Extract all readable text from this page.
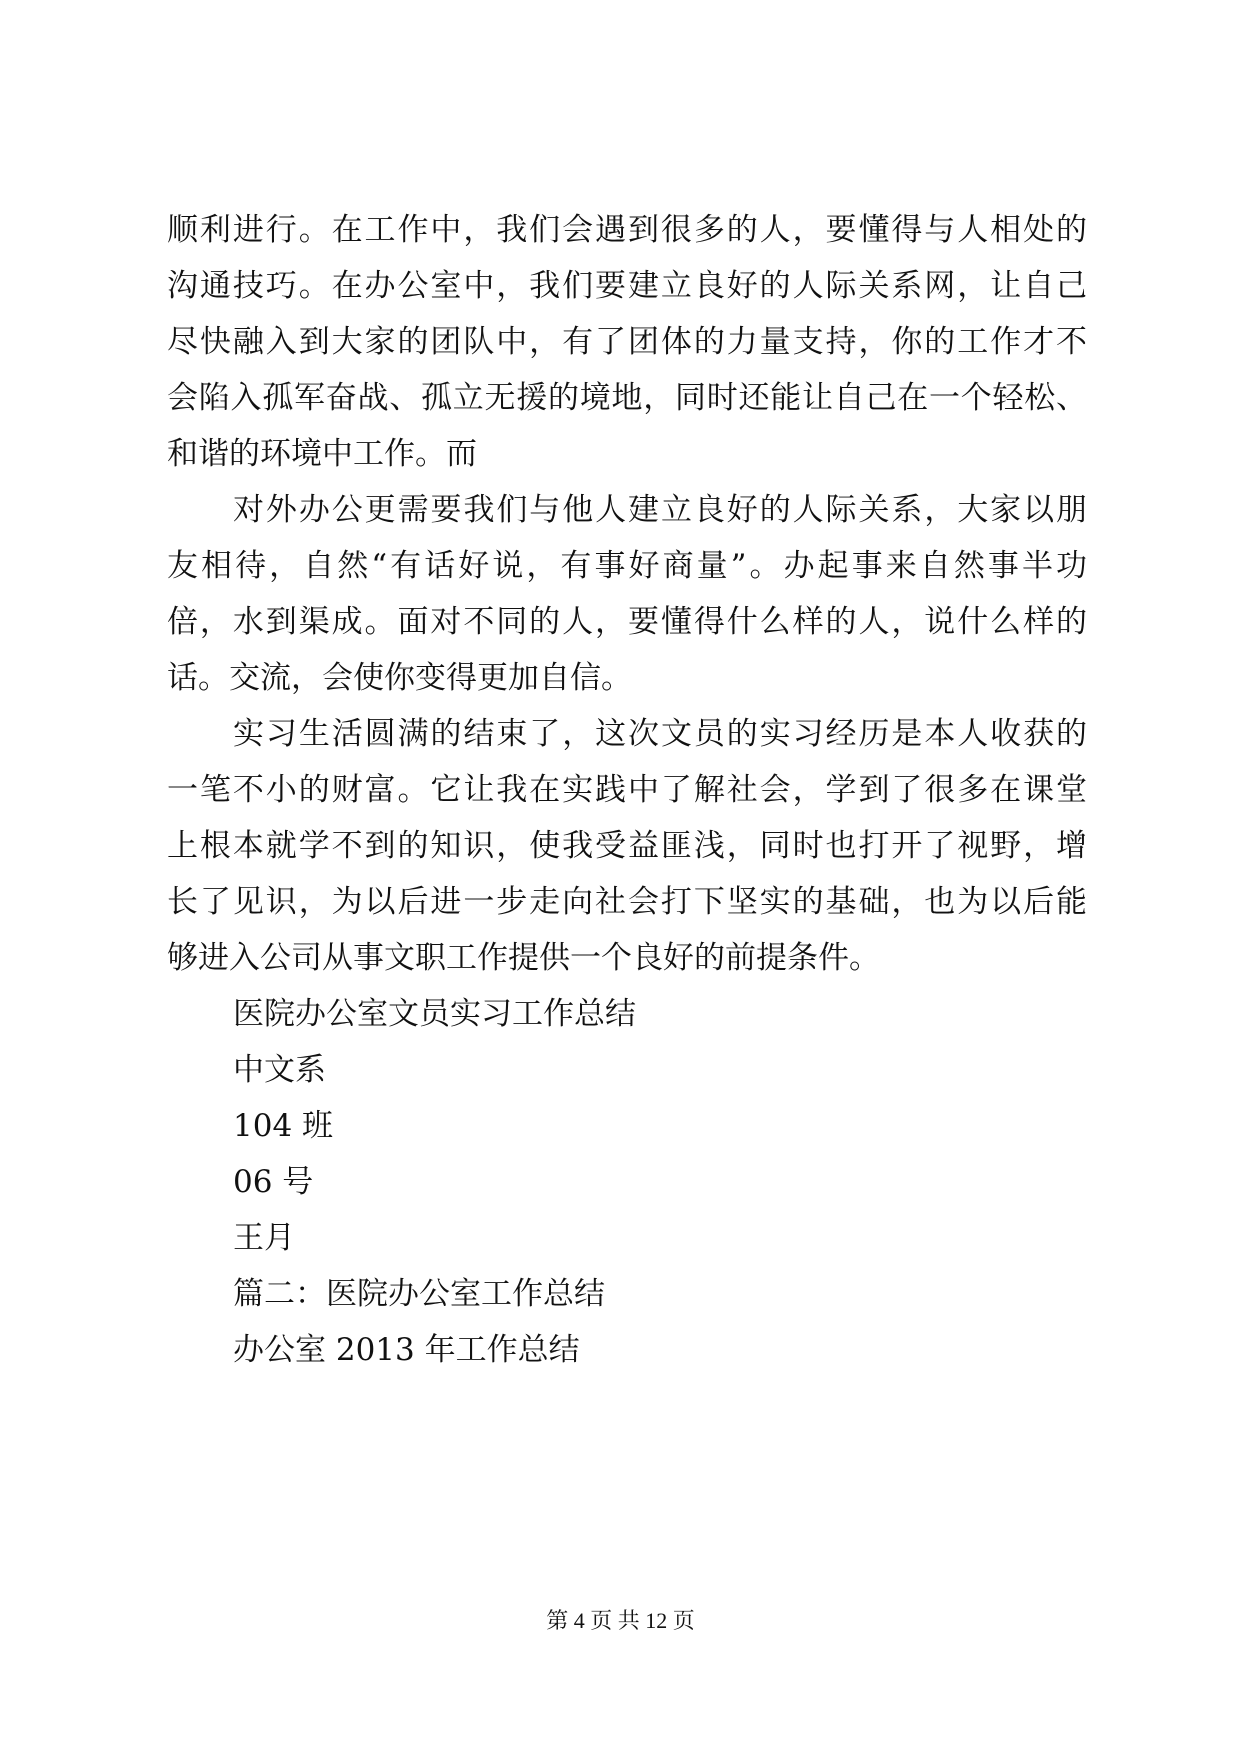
顺利进行。在工作中，我们会遇到很多的人，要懂得与人相处的
沟通技巧。在办公室中，我们要建立良好的人际关系网，让自己
尽快融入到大家的团队中，有了团体的力量支持，你的工作才不
会陷入孤军奋战、孤立无援的境地，同时还能让自己在一个轻松、
和谐的环境中工作。而
对外办公更需要我们与他人建立良好的人际关系，大家以朋
友相待，自然“有话好说，有事好商量”。办起事来自然事半功
倍，水到渠成。面对不同的人，要懂得什么样的人，说什么样的
话。交流，会使你变得更加自信。
实习生活圆满的结束了，这次文员的实习经历是本人收获的
一笔不小的财富。它让我在实践中了解社会，学到了很多在课堂
上根本就学不到的知识，使我受益匪浅，同时也打开了视野，增
长了见识，为以后进一步走向社会打下坚实的基础，也为以后能
够进入公司从事文职工作提供一个良好的前提条件。
医院办公室文员实习工作总结
中文系
104 班
06 号
王月
篇二：医院办公室工作总结
办公室 2013 年工作总结
第 4 页 共 12 页
